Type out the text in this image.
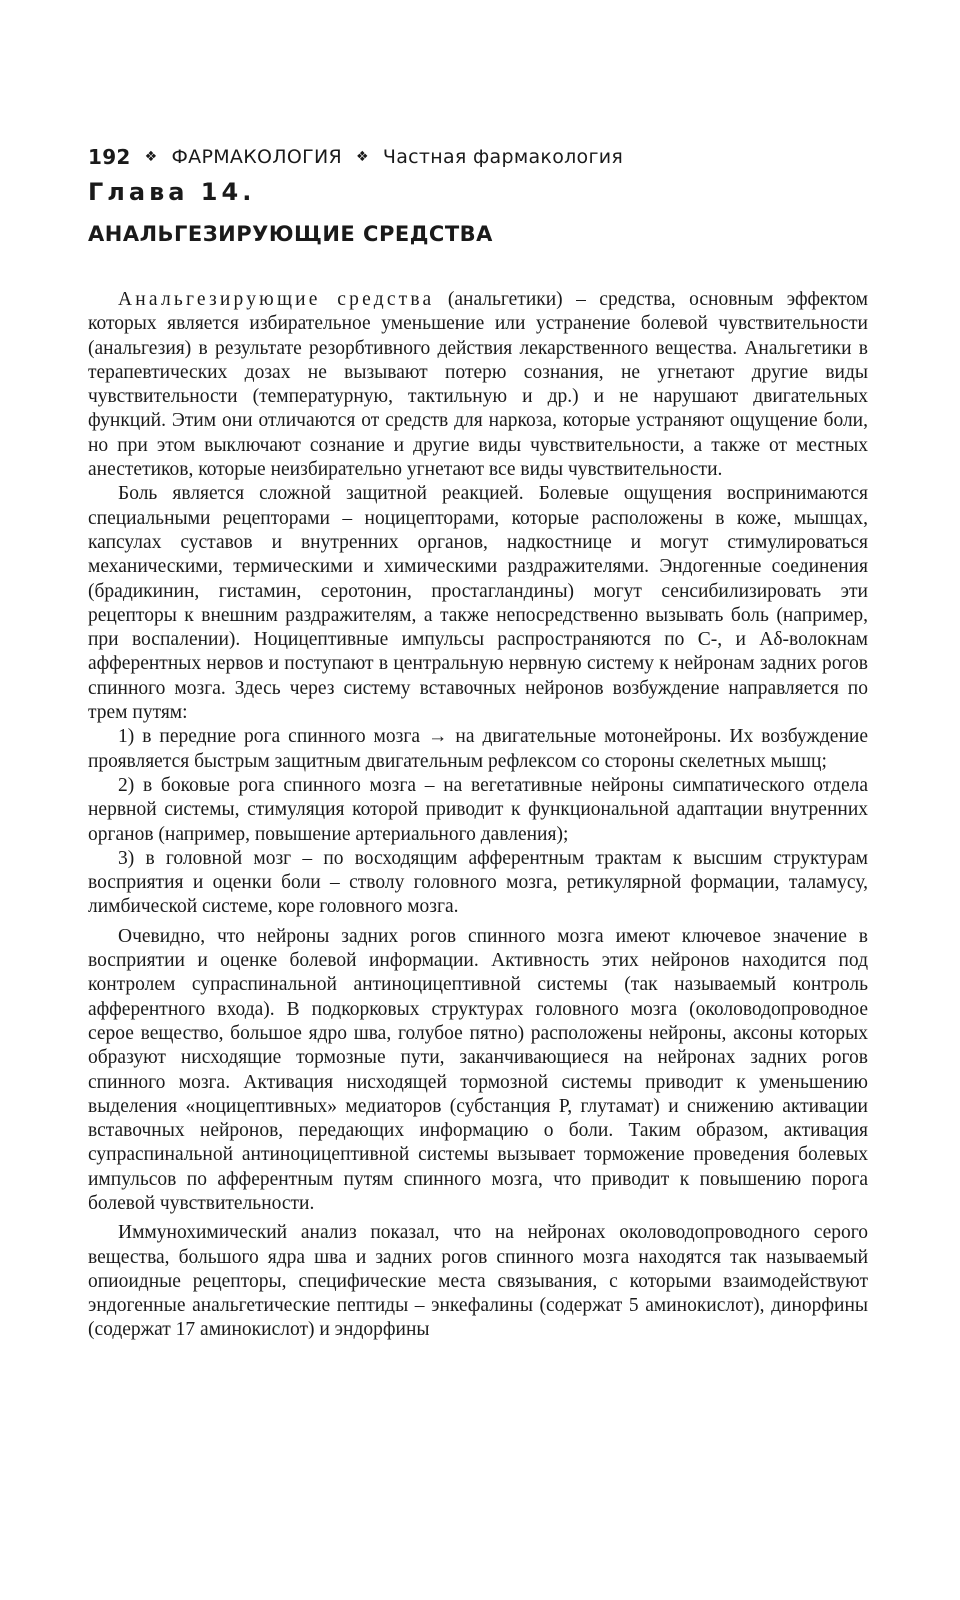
192 ❖ ФАРМАКОЛОГИЯ ❖ Частная фармакология
Глава 14.
АНАЛЬГЕЗИРУЮЩИЕ СРЕДСТВА

Анальгезирующие средства (анальгетики) – средства, основным эффектом которых является избирательное уменьшение или устранение болевой чувствительности (анальгезия) в результате резорбтивного действия лекарственного вещества. Анальгетики в терапевтических дозах не вызывают потерю сознания, не угнетают другие виды чувствительности (температурную, тактильную и др.) и не нарушают двигательных функций. Этим они отличаются от средств для наркоза, которые устраняют ощущение боли, но при этом выключают сознание и другие виды чувствительности, а также от местных анестетиков, которые неизбирательно угнетают все виды чувствительности.

Боль является сложной защитной реакцией. Болевые ощущения воспринимаются специальными рецепторами – ноцицепторами, которые расположены в коже, мышцах, капсулах суставов и внутренних органов, надкостнице и могут стимулироваться механическими, термическими и химическими раздражителями. Эндогенные соединения (брадикинин, гистамин, серотонин, простагландины) могут сенсибилизировать эти рецепторы к внешним раздражителям, а также непосредственно вызывать боль (например, при воспалении). Ноцицептивные импульсы распространяются по С-, и Аδ-волокнам афферентных нервов и поступают в центральную нервную систему к нейронам задних рогов спинного мозга. Здесь через систему вставочных нейронов возбуждение направляется по трем путям:

1) в передние рога спинного мозга → на двигательные мотонейроны. Их возбуждение проявляется быстрым защитным двигательным рефлексом со стороны скелетных мышц;

2) в боковые рога спинного мозга – на вегетативные нейроны симпатического отдела нервной системы, стимуляция которой приводит к функциональной адаптации внутренних органов (например, повышение артериального давления);

3) в головной мозг – по восходящим афферентным трактам к высшим структурам восприятия и оценки боли – стволу головного мозга, ретикулярной формации, таламусу, лимбической системе, коре головного мозга.

Очевидно, что нейроны задних рогов спинного мозга имеют ключевое значение в восприятии и оценке болевой информации. Активность этих нейронов находится под контролем супраспинальной антиноцицептивной системы (так называемый контроль афферентного входа). В подкорковых структурах головного мозга (околоводопроводное серое вещество, большое ядро шва, голубое пятно) расположены нейроны, аксоны которых образуют нисходящие тормозные пути, заканчивающиеся на нейронах задних рогов спинного мозга. Активация нисходящей тормозной системы приводит к уменьшению выделения «ноцицептивных» медиаторов (субстанция Р, глутамат) и снижению активации вставочных нейронов, передающих информацию о боли. Таким образом, активация супраспинальной антиноцицептивной системы вызывает торможение проведения болевых импульсов по афферентным путям спинного мозга, что приводит к повышению порога болевой чувствительности.

Иммунохимический анализ показал, что на нейронах околоводопроводного серого вещества, большого ядра шва и задних рогов спинного мозга находятся так называемый опиоидные рецепторы, специфические места связывания, с которыми взаимодействуют эндогенные анальгетические пептиды – энкефалины (содержат 5 аминокислот), динорфины (содержат 17 аминокислот) и эндорфины
